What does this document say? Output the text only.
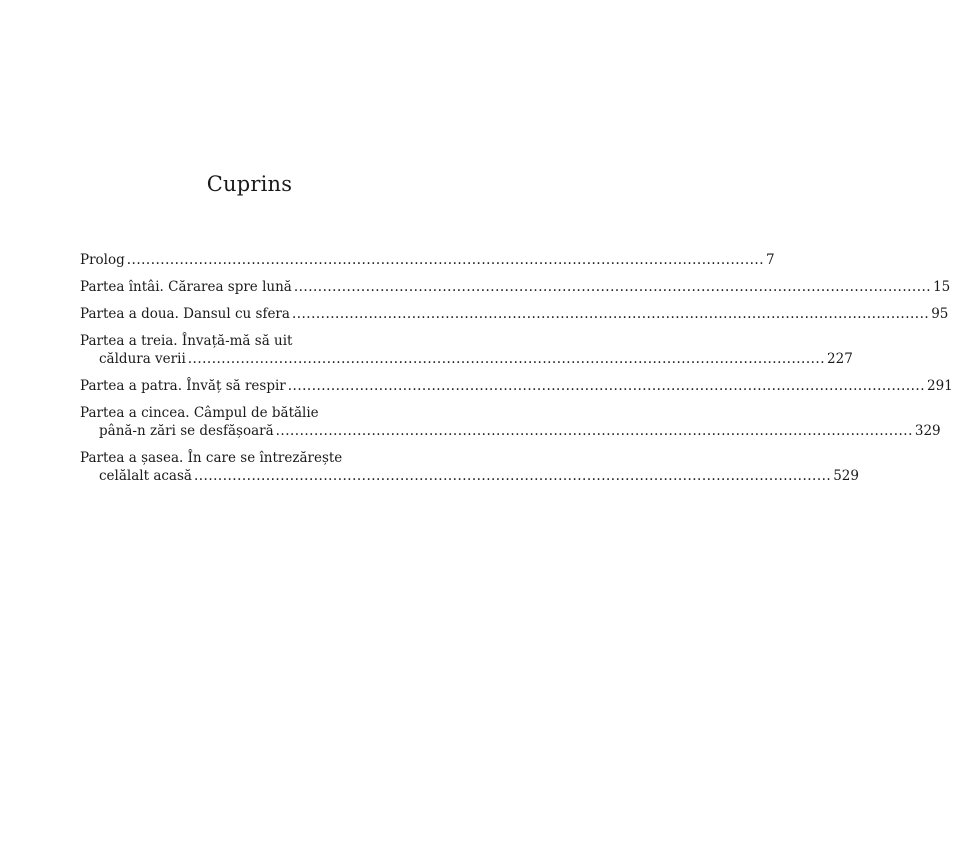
Cuprins
Prolog ..................................................................................................................................... 7
Partea întâi. Cărarea spre lună ..................................................................................................................................... 15
Partea a doua. Dansul cu sfera ..................................................................................................................................... 95
Partea a treia. Învață-mă să uit
căldura verii ..................................................................................................................................... 227
Partea a patra. Învăț să respir ..................................................................................................................................... 291
Partea a cincea. Câmpul de bătălie
până-n zări se desfășoară ..................................................................................................................................... 329
Partea a șasea. În care se întrezărește
celălalt acasă ..................................................................................................................................... 529
